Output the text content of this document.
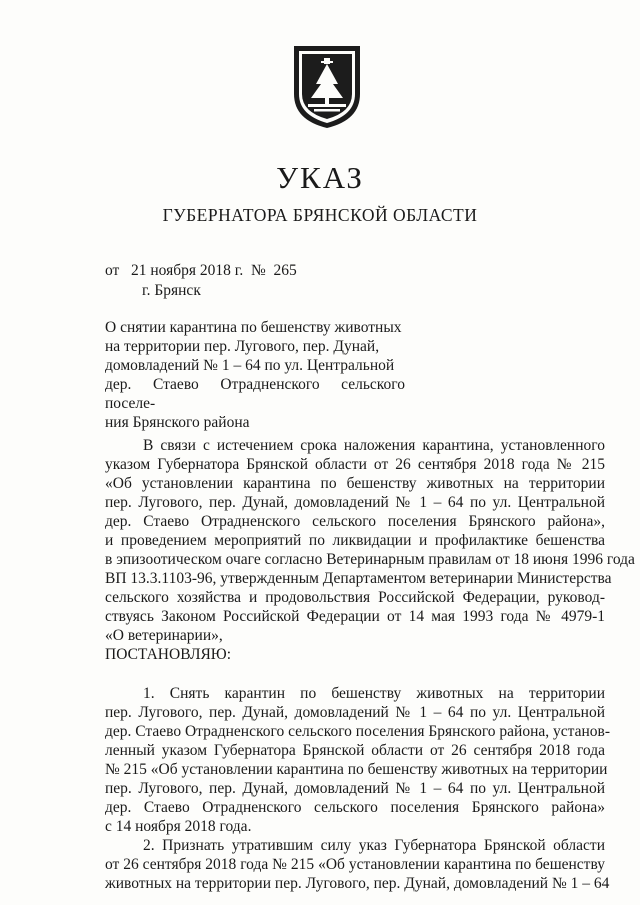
УКАЗ
ГУБЕРНАТОРА БРЯНСКОЙ ОБЛАСТИ
от   21 ноября 2018 г.  №  265
г. Брянск
О снятии карантина по бешенству животных
на территории пер. Лугового, пер. Дунай,
домовладений № 1 – 64 по ул. Центральной
дер. Стаево Отрадненского сельского поселе-
ния Брянского района
В связи с истечением срока наложения карантина, установленного
указом Губернатора Брянской области от 26 сентября 2018 года № 215
«Об установлении карантина по бешенству животных на территории
пер. Лугового, пер. Дунай, домовладений № 1 – 64 по ул. Центральной
дер. Стаево Отрадненского сельского поселения Брянского района»,
и проведением мероприятий по ликвидации и профилактике бешенства
в эпизоотическом очаге согласно Ветеринарным правилам от 18 июня 1996 года
ВП 13.3.1103-96, утвержденным Департаментом ветеринарии Министерства
сельского хозяйства и продовольствия Российской Федерации, руковод-
ствуясь Законом Российской Федерации от 14 мая 1993 года № 4979-1
«О ветеринарии»,
ПОСТАНОВЛЯЮ:
1. Снять карантин по бешенству животных на территории
пер. Лугового, пер. Дунай, домовладений № 1 – 64 по ул. Центральной
дер. Стаево Отрадненского сельского поселения Брянского района, установ-
ленный указом Губернатора Брянской области от 26 сентября 2018 года
№ 215 «Об установлении карантина по бешенству животных на территории
пер. Лугового, пер. Дунай, домовладений № 1 – 64 по ул. Центральной
дер. Стаево Отрадненского сельского поселения Брянского района»
с 14 ноября 2018 года.
2. Признать утратившим силу указ Губернатора Брянской области
от 26 сентября 2018 года № 215 «Об установлении карантина по бешенству
животных на территории пер. Лугового, пер. Дунай, домовладений № 1 – 64
